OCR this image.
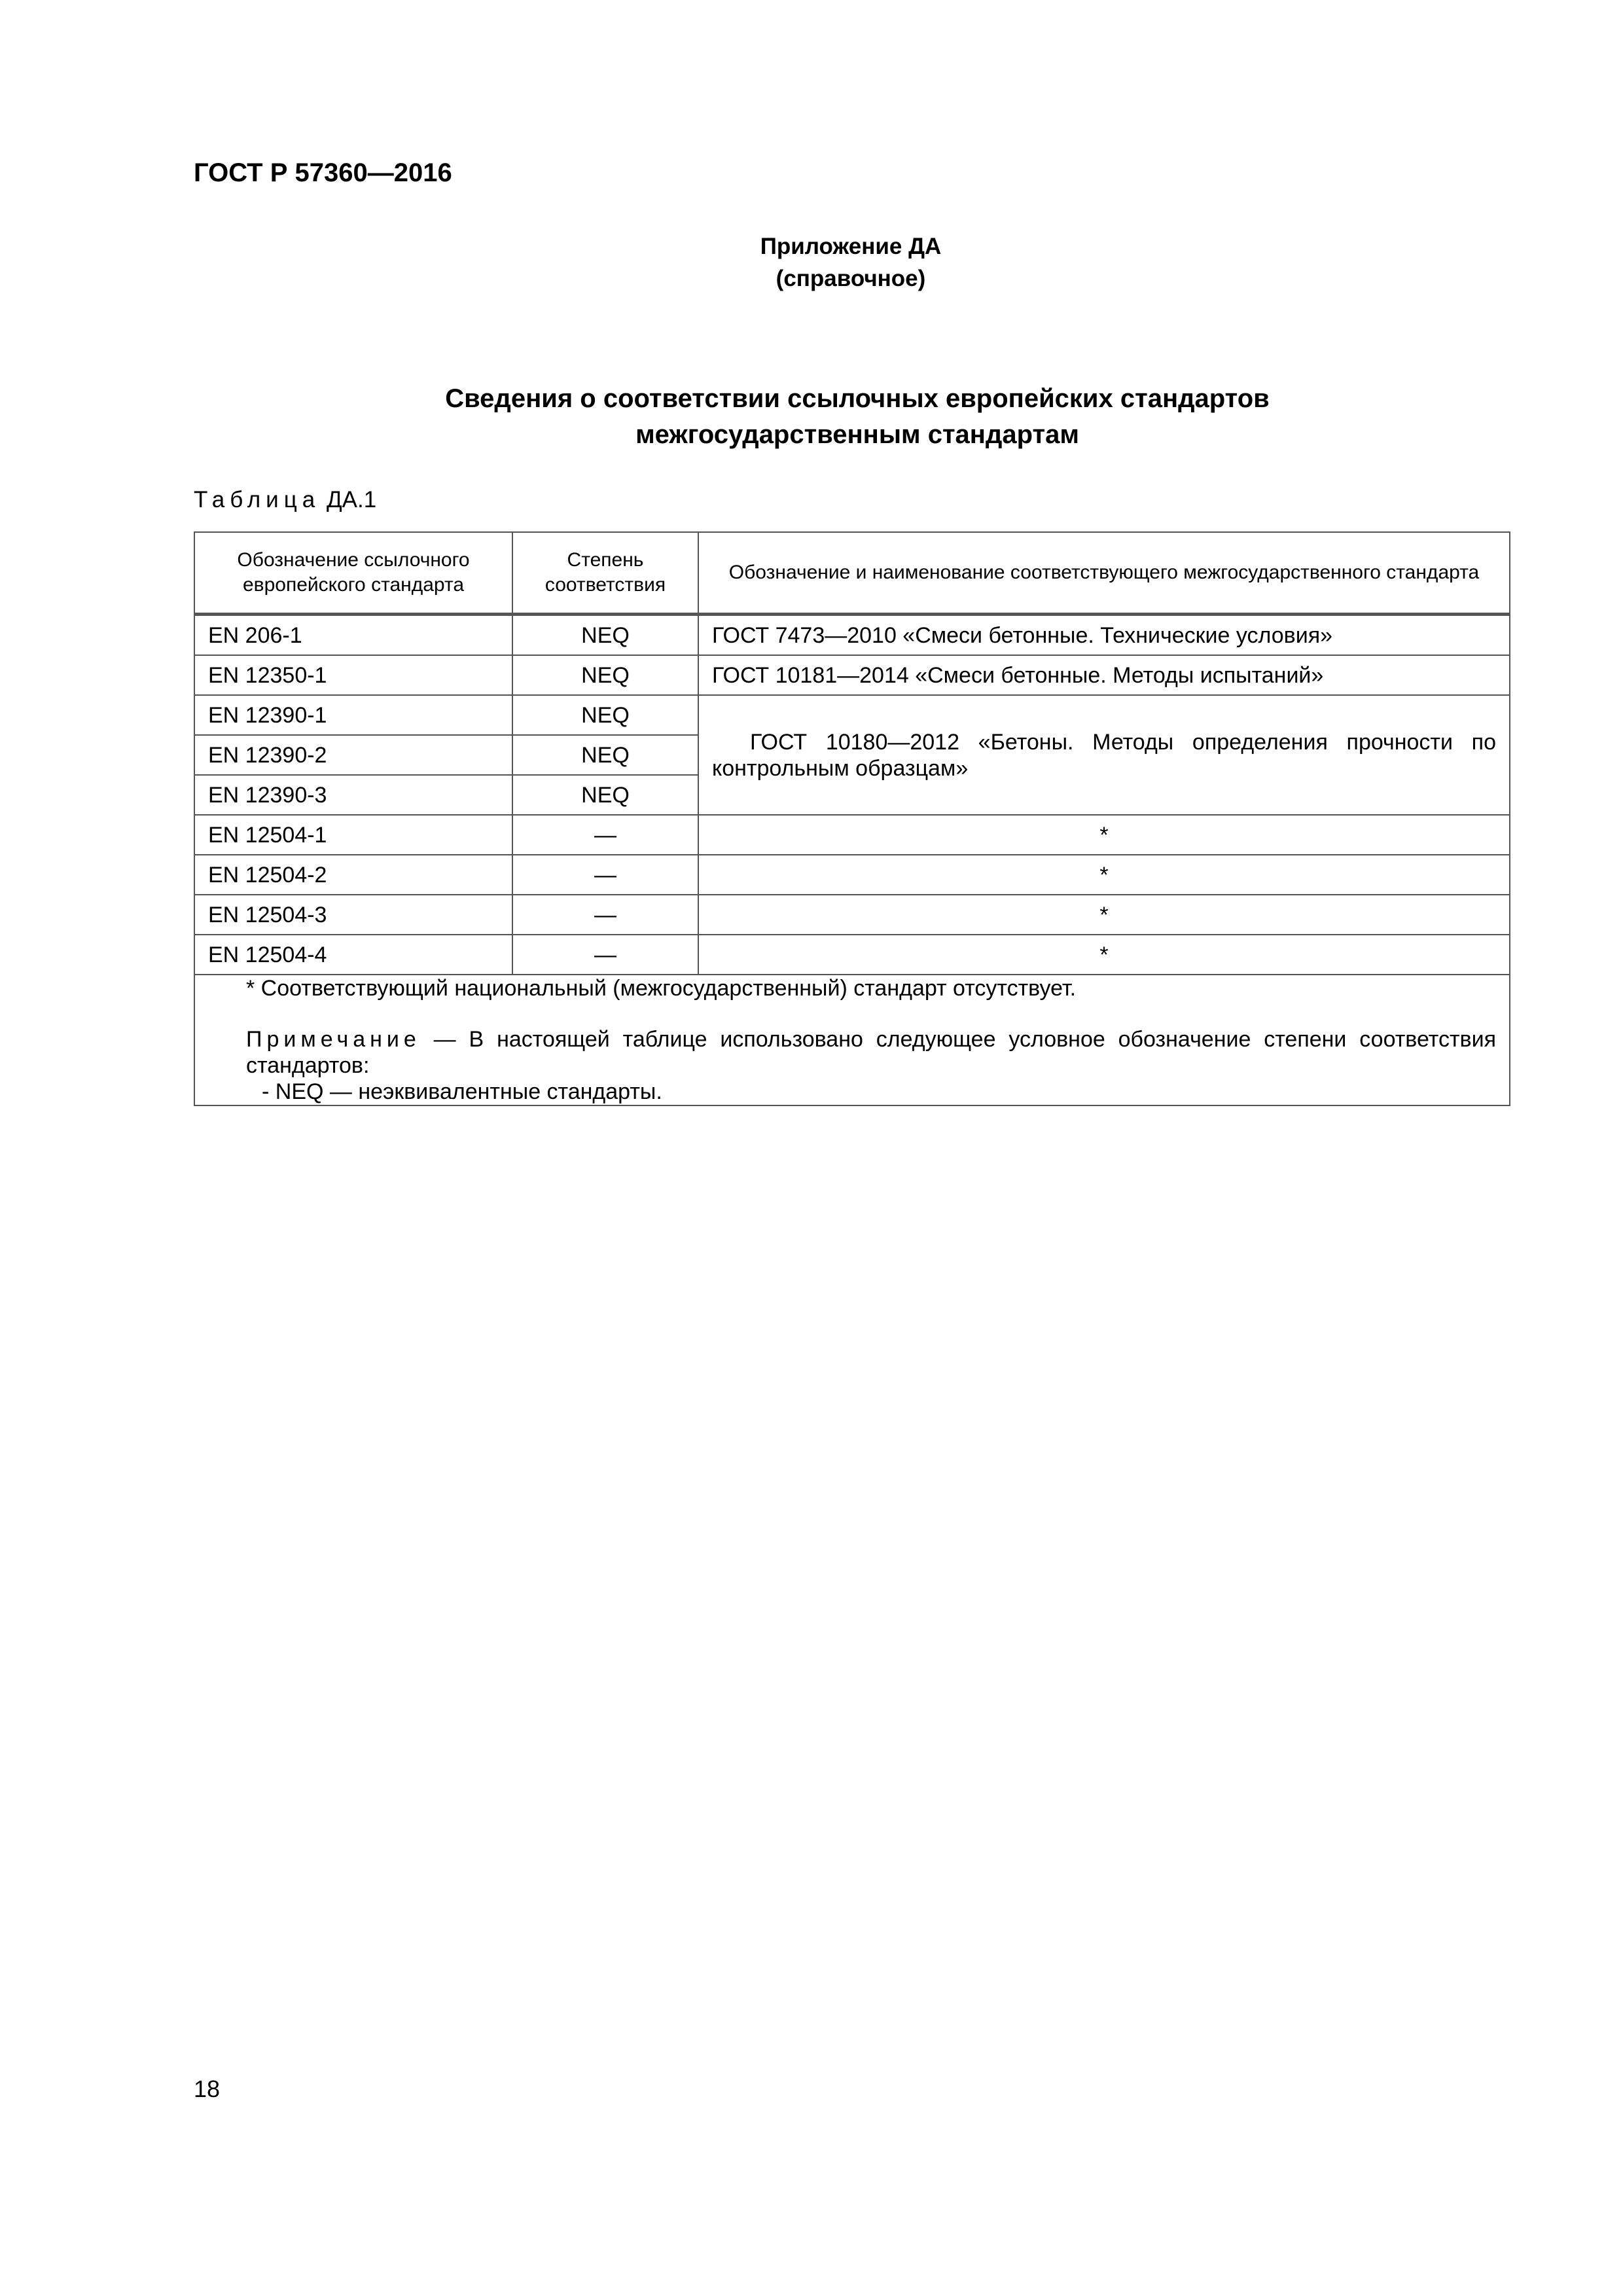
ГОСТ Р 57360—2016
Приложение ДА
(справочное)
Сведения о соответствии ссылочных европейских стандартов
межгосударственным стандартам
Таблица ДА.1
Обозначение ссылочного европейского стандарта	Степень соответствия	Обозначение и наименование соответствующего межгосударственного стандарта
EN 206-1	NEQ	ГОСТ 7473—2010 «Смеси бетонные. Технические условия»
EN 12350-1	NEQ	ГОСТ 10181—2014 «Смеси бетонные. Методы испытаний»
EN 12390-1	NEQ	ГОСТ 10180—2012 «Бетоны. Методы определения прочности по контрольным образцам»

EN 12390-2	NEQ	
EN 12390-3	NEQ	
EN 12504-1	—	*
EN 12504-2	—	*
EN 12504-3	—	*
EN 12504-4	—	*

* Соответствующий национальный (межгосударственный) стандарт отсутствует.

Примечание — В настоящей таблице использовано следующее условное обозначение степени соответствия стандартов:

- NEQ — неэквивалентные стандарты.		

18
